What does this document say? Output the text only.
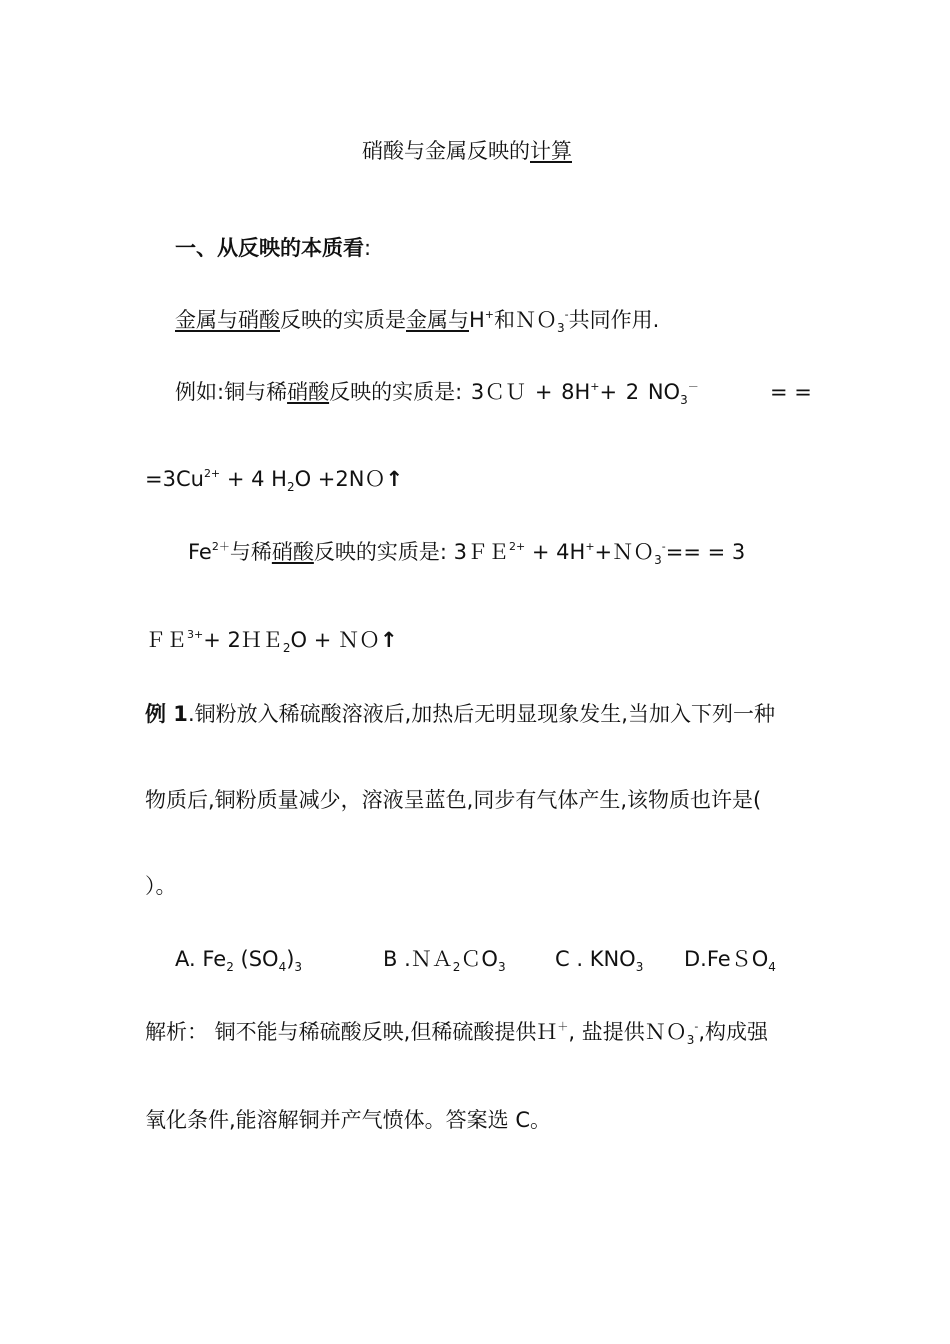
硝酸与金属反映的计算
一、从反映的本质看:
金属与硝酸反映的实质是金属与H+和ＮＯ$_3$-共同作用.
例如:铜与稀硝酸反映的实质是: 3ＣＵ + 8H++ 2 $NO_3^-$	= =
$=3Cu^{2+} + 4$ $H_2O$ +2NＯ↑
$Fe^{2+}$与稀硝酸反映的实质是: 3ＦＥ$^{2+}$ + 4H++ＮＯ$_3$-== = 3
ＦＥ$^{3+}$+ 2ＨＥ$_2$O + ＮＯ↑
例 1.铜粉放入稀硫酸溶液后,加热后无明显现象发生,当加入下列一种
物质后,铜粉质量减少，溶液呈蓝色,同步有气体产生,该物质也许是(
）。
A. $Fe_2$ $(SO_4)_3$	B .ＮＡ$_2$ＣO$_3$ C . $KNO_3$ D.FeＳO$_4$
解析： 铜不能与稀硫酸反映,但稀硫酸提供Ｈ＋, 盐提供ＮＯ$_3$-,构成强
氧化条件,能溶解铜并产气愤体。答案选 C。
